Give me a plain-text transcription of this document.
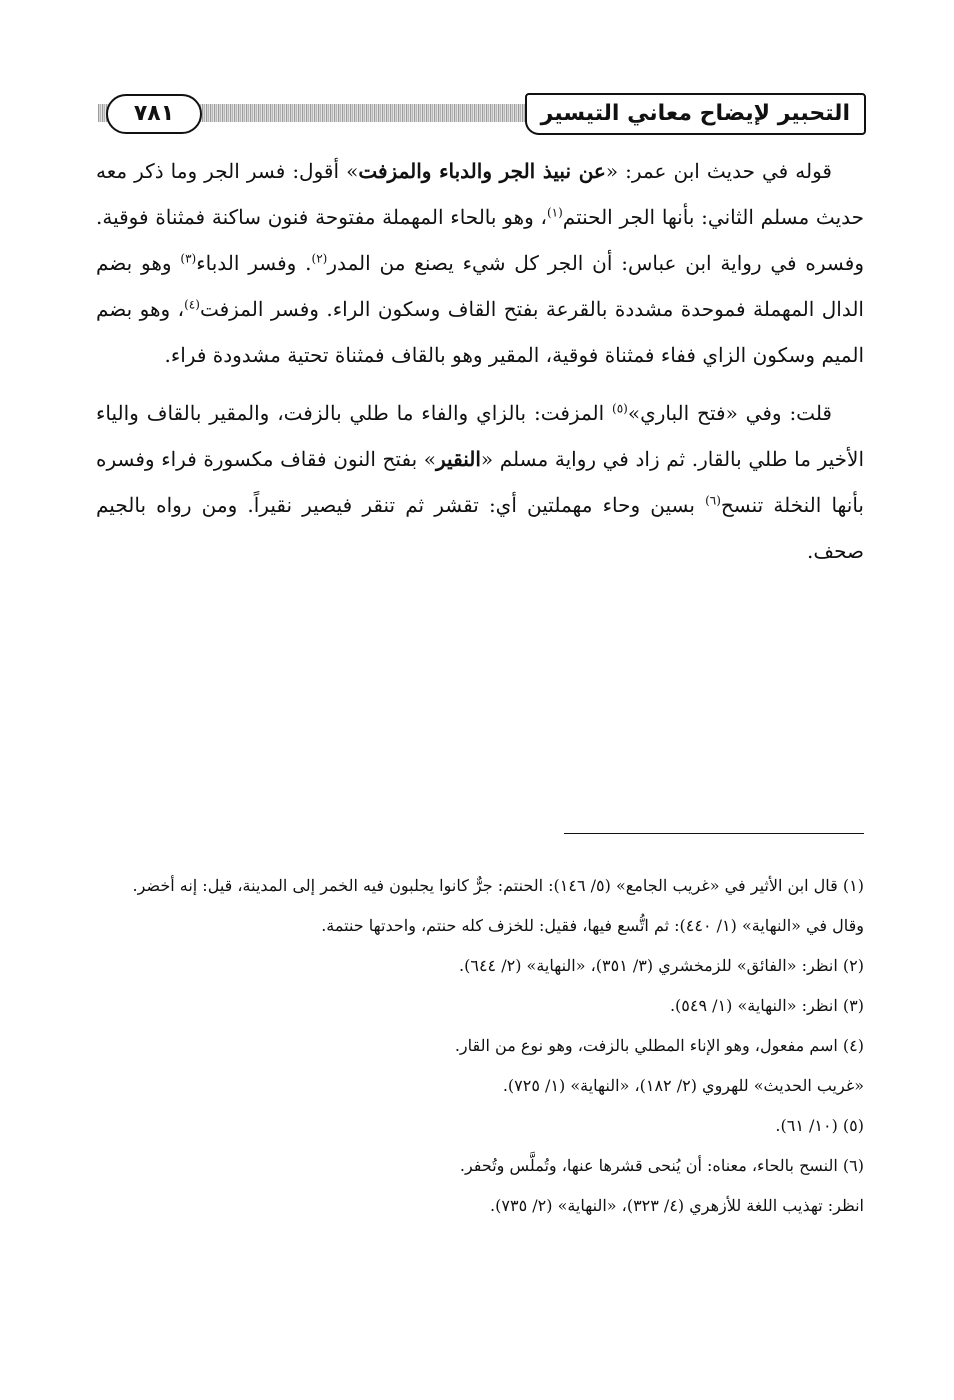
التحبير لإيضاح معاني التيسير
٧٨١

قوله في حديث ابن عمر: «عن نبيذ الجر والدباء والمزفت» أقول: فسر الجر وما ذكر معه حديث مسلم الثاني: بأنها الجر الحنتم$^{(١)}$، وهو بالحاء المهملة مفتوحة فنون ساكنة فمثناة فوقية. وفسره في رواية ابن عباس: أن الجر كل شيء يصنع من المدر$^{(٢)}$. وفسر الدباء$^{(٣)}$ وهو بضم الدال المهملة فموحدة مشددة بالقرعة بفتح القاف وسكون الراء. وفسر المزفت$^{(٤)}$، وهو بضم الميم وسكون الزاي ففاء فمثناة فوقية، المقير وهو بالقاف فمثناة تحتية مشدودة فراء.

قلت: وفي «فتح الباري»$^{(٥)}$ المزفت: بالزاي والفاء ما طلي بالزفت، والمقير بالقاف والياء الأخير ما طلي بالقار. ثم زاد في رواية مسلم «النقير» بفتح النون فقاف مكسورة فراء وفسره بأنها النخلة تنسح$^{(٦)}$ بسين وحاء مهملتين أي: تقشر ثم تنقر فيصير نقيراً. ومن رواه بالجيم صحف.

(١) قال ابن الأثير في «غريب الجامع» (٥/ ١٤٦): الحنتم: جرٌّ كانوا يجلبون فيه الخمر إلى المدينة، قيل: إنه أخضر.
وقال في «النهاية» (١/ ٤٤٠): ثم اتُّسع فيها، فقيل: للخزف كله حنتم، واحدتها حنتمة.
(٢) انظر: «الفائق» للزمخشري (٣/ ٣٥١)، «النهاية» (٢/ ٦٤٤).
(٣) انظر: «النهاية» (١/ ٥٤٩).
(٤) اسم مفعول، وهو الإناء المطلي بالزفت، وهو نوع من القار.
«غريب الحديث» للهروي (٢/ ١٨٢)، «النهاية» (١/ ٧٢٥).
(٥) (١٠/ ٦١).
(٦) النسح بالحاء، معناه: أن يُنحى قشرها عنها، وتُملَّس وتُحفر.
انظر: تهذيب اللغة للأزهري (٤/ ٣٢٣)، «النهاية» (٢/ ٧٣٥).
